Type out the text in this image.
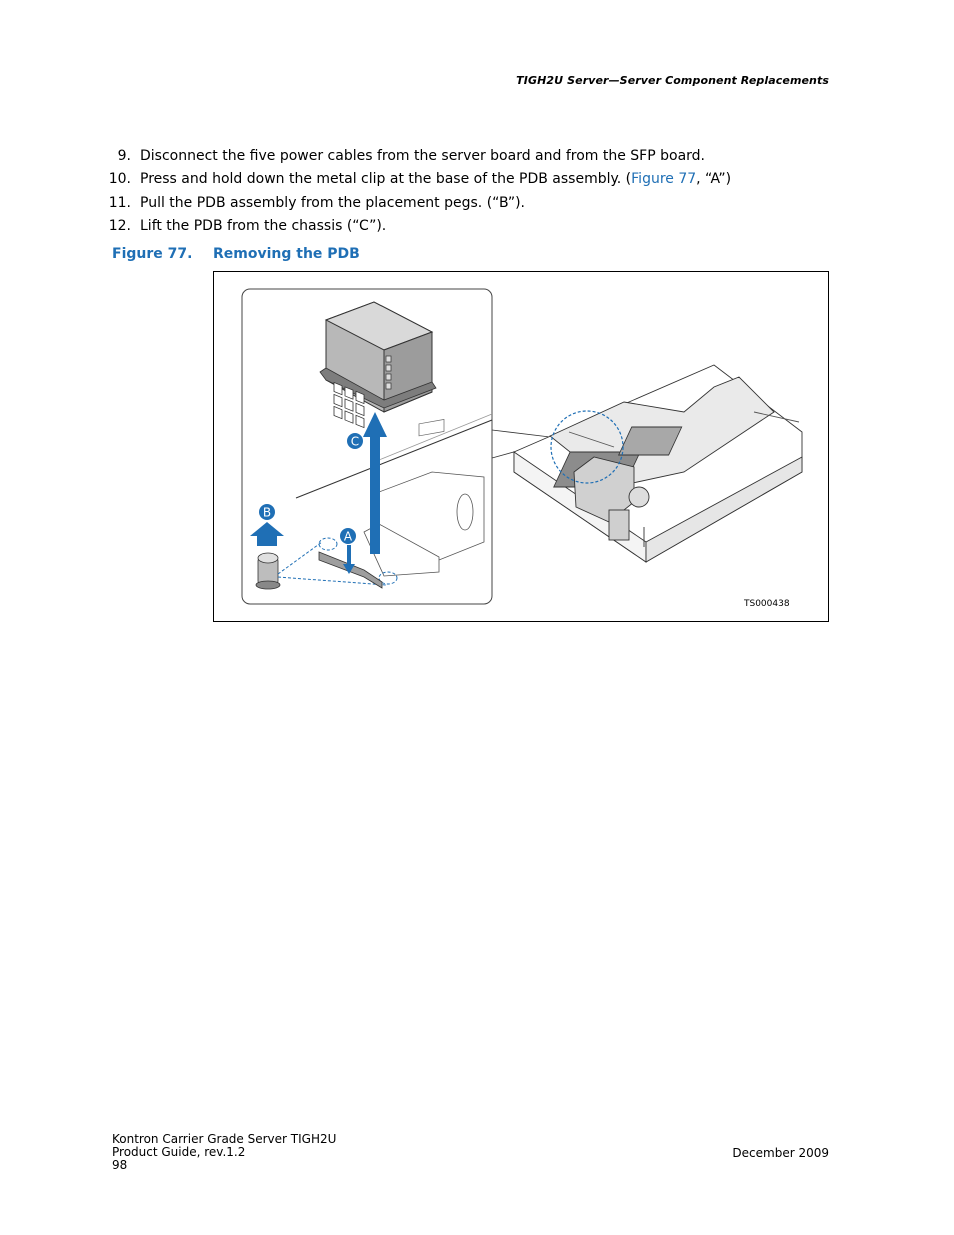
TIGH2U Server—Server Component Replacements
9. Disconnect the five power cables from the server board and from the SFP board.
10. Press and hold down the metal clip at the base of the PDB assembly. (Figure 77, “A”)
11. Pull the PDB assembly from the placement pegs. (“B”).
12. Lift the PDB from the chassis (“C”).
Figure 77. Removing the PDB
C
B
A
TS000438
Kontron Carrier Grade Server TIGH2U
Product Guide, rev.1.2
98
December 2009
